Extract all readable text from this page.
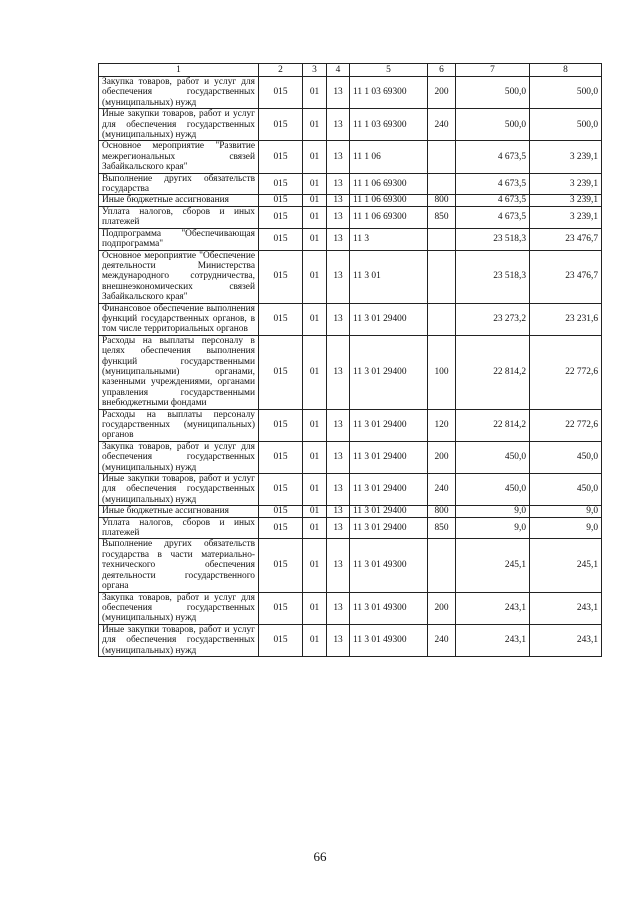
1	2	3	4	5	6	7	8
Закупка товаров, работ и услуг для обеспечения государственных (муниципальных) нужд	015	01	13	11 1 03 69300	200	500,0	500,0
Иные закупки товаров, работ и услуг для обеспечения государственных (муниципальных) нужд	015	01	13	11 1 03 69300	240	500,0	500,0
Основное мероприятие "Развитие межрегиональных связей Забайкальского края"	015	01	13	11 1 06		4 673,5	3 239,1
Выполнение других обязательств государства	015	01	13	11 1 06 69300		4 673,5	3 239,1
Иные бюджетные ассигнования	015	01	13	11 1 06 69300	800	4 673,5	3 239,1
Уплата налогов, сборов и иных платежей	015	01	13	11 1 06 69300	850	4 673,5	3 239,1
Подпрограмма "Обеспечивающая подпрограмма"	015	01	13	11 3		23 518,3	23 476,7
Основное мероприятие "Обеспечение деятельности Министерства международного сотрудничества, внешнеэкономических связей Забайкальского края"	015	01	13	11 3 01		23 518,3	23 476,7
Финансовое обеспечение выполнения функций государственных органов, в том числе территориальных органов	015	01	13	11 3 01 29400		23 273,2	23 231,6
Расходы на выплаты персоналу в целях обеспечения выполнения функций государственными (муниципальными) органами, казенными учреждениями, органами управления государственными внебюджетными фондами	015	01	13	11 3 01 29400	100	22 814,2	22 772,6
Расходы на выплаты персоналу государственных (муниципальных) органов	015	01	13	11 3 01 29400	120	22 814,2	22 772,6
Закупка товаров, работ и услуг для обеспечения государственных (муниципальных) нужд	015	01	13	11 3 01 29400	200	450,0	450,0
Иные закупки товаров, работ и услуг для обеспечения государственных (муниципальных) нужд	015	01	13	11 3 01 29400	240	450,0	450,0
Иные бюджетные ассигнования	015	01	13	11 3 01 29400	800	9,0	9,0
Уплата налогов, сборов и иных платежей	015	01	13	11 3 01 29400	850	9,0	9,0
Выполнение других обязательств государства в части материально-технического обеспечения деятельности государственного органа	015	01	13	11 3 01 49300		245,1	245,1
Закупка товаров, работ и услуг для обеспечения государственных (муниципальных) нужд	015	01	13	11 3 01 49300	200	243,1	243,1
Иные закупки товаров, работ и услуг для обеспечения государственных (муниципальных) нужд	015	01	13	11 3 01 49300	240	243,1	243,1
66
